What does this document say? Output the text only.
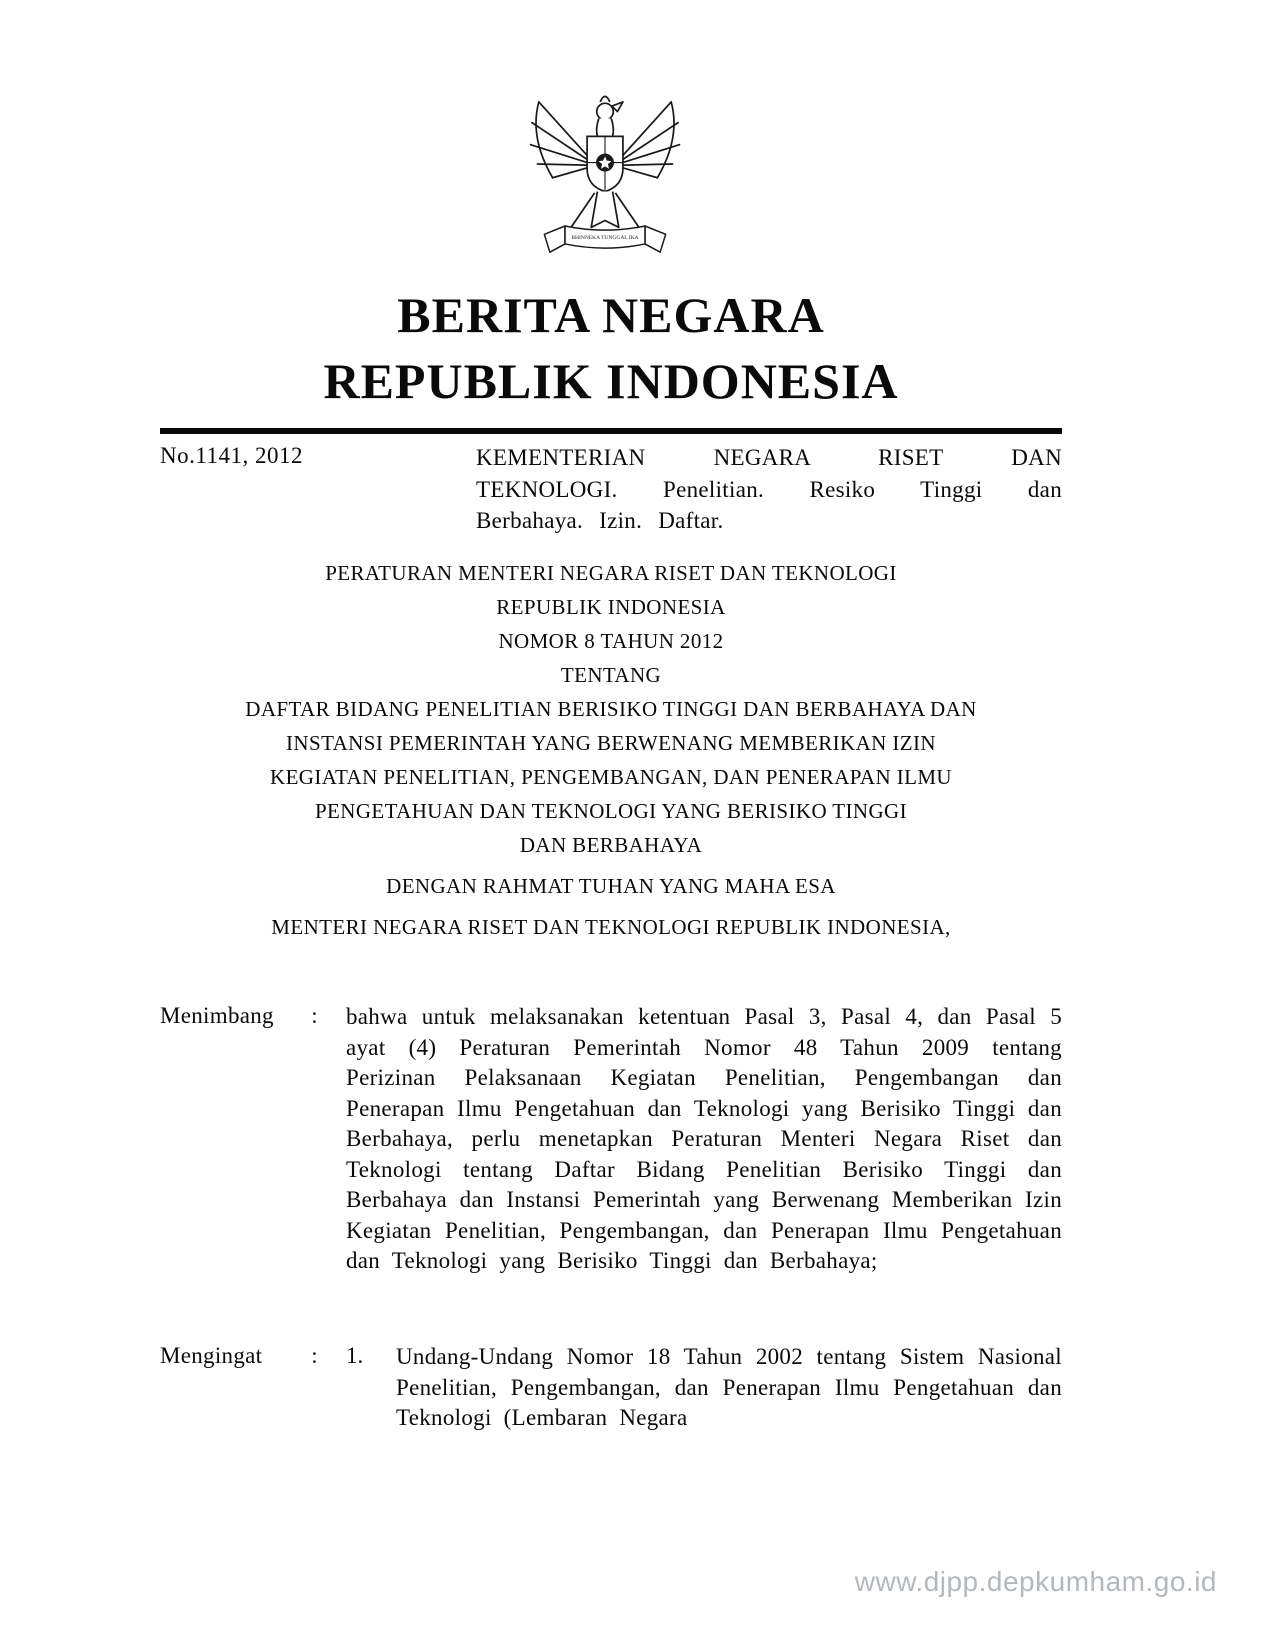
BHINNEKA TUNGGAL IKA
BERITA NEGARA
REPUBLIK INDONESIA
No.1141, 2012	KEMENTERIAN NEGARA RISET DAN TEKNOLOGI. Penelitian. Resiko Tinggi dan Berbahaya. Izin. Daftar.
PERATURAN MENTERI NEGARA RISET DAN TEKNOLOGI
REPUBLIK INDONESIA
NOMOR 8 TAHUN 2012
TENTANG
DAFTAR BIDANG PENELITIAN BERISIKO TINGGI DAN BERBAHAYA DAN
INSTANSI PEMERINTAH YANG BERWENANG MEMBERIKAN IZIN
KEGIATAN PENELITIAN, PENGEMBANGAN, DAN PENERAPAN ILMU
PENGETAHUAN DAN TEKNOLOGI YANG BERISIKO TINGGI
DAN BERBAHAYA
DENGAN RAHMAT TUHAN YANG MAHA ESA
MENTERI NEGARA RISET DAN TEKNOLOGI REPUBLIK INDONESIA,
Menimbang : bahwa untuk melaksanakan ketentuan Pasal 3, Pasal 4, dan Pasal 5 ayat (4) Peraturan Pemerintah Nomor 48 Tahun 2009 tentang Perizinan Pelaksanaan Kegiatan Penelitian, Pengembangan dan Penerapan Ilmu Pengetahuan dan Teknologi yang Berisiko Tinggi dan Berbahaya, perlu menetapkan Peraturan Menteri Negara Riset dan Teknologi tentang Daftar Bidang Penelitian Berisiko Tinggi dan Berbahaya dan Instansi Pemerintah yang Berwenang Memberikan Izin Kegiatan Penelitian, Pengembangan, dan Penerapan Ilmu Pengetahuan dan Teknologi yang Berisiko Tinggi dan Berbahaya;
Mengingat : 1.	Undang-Undang Nomor 18 Tahun 2002 tentang Sistem Nasional Penelitian, Pengembangan, dan Penerapan Ilmu Pengetahuan dan Teknologi (Lembaran Negara
www.djpp.depkumham.go.id
